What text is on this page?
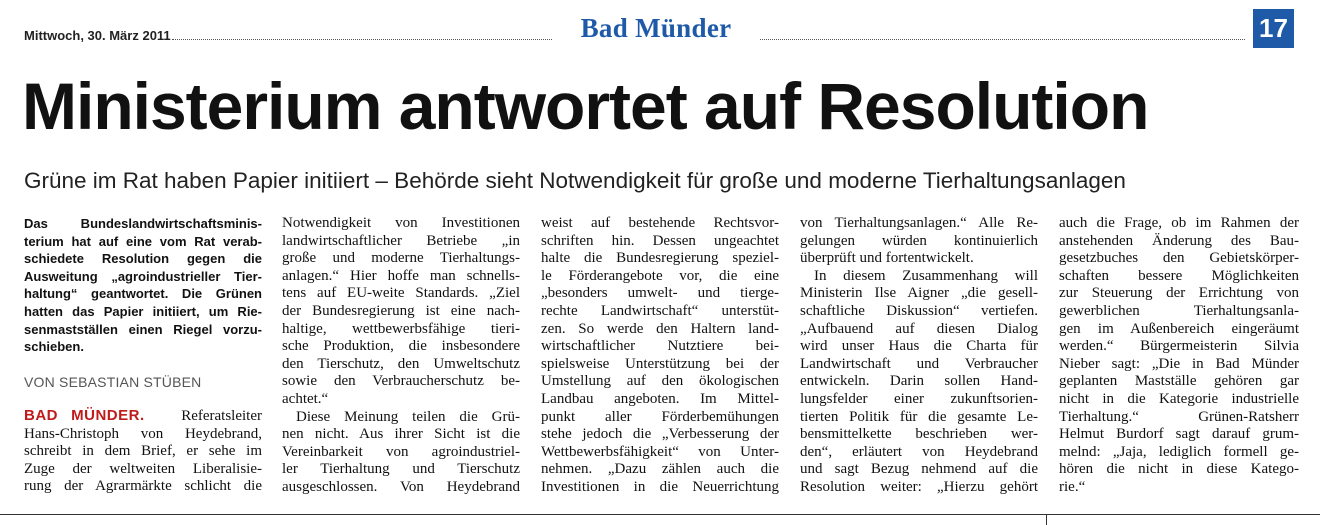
Mittwoch, 30. März 2011	Bad Münder	17
Ministerium antwortet auf Resolution
Grüne im Rat haben Papier initiiert – Behörde sieht Notwendigkeit für große und moderne Tierhaltungsanlagen
Das Bundeslandwirtschaftsminis-
terium hat auf eine vom Rat verab-
schiedete Resolution gegen die
Ausweitung „agroindustrieller Tier-
haltung“ geantwortet. Die Grünen
hatten das Papier initiiert, um Rie-
senmastställen einen Riegel vorzu-
schieben.
VON SEBASTIAN STÜBEN
BAD MÜNDER. Referatsleiter
Hans-Christoph von Heydebrand,
schreibt in dem Brief, er sehe im
Zuge der weltweiten Liberalisie-
rung der Agrarmärkte schlicht die
Notwendigkeit von Investitionen
landwirtschaftlicher Betriebe „in
große und moderne Tierhaltungs-
anlagen.“ Hier hoffe man schnells-
tens auf EU-weite Standards. „Ziel
der Bundesregierung ist eine nach-
haltige, wettbewerbsfähige tieri-
sche Produktion, die insbesondere
den Tierschutz, den Umweltschutz
sowie den Verbraucherschutz be-
achtet.“
Diese Meinung teilen die Grü-
nen nicht. Aus ihrer Sicht ist die
Vereinbarkeit von agroindustriel-
ler Tierhaltung und Tierschutz
ausgeschlossen. Von Heydebrand
weist auf bestehende Rechtsvor-
schriften hin. Dessen ungeachtet
halte die Bundesregierung speziel-
le Förderangebote vor, die eine
„besonders umwelt- und tierge-
rechte Landwirtschaft“ unterstüt-
zen. So werde den Haltern land-
wirtschaftlicher Nutztiere bei-
spielsweise Unterstützung bei der
Umstellung auf den ökologischen
Landbau angeboten. Im Mittel-
punkt aller Förderbemühungen
stehe jedoch die „Verbesserung der
Wettbewerbsfähigkeit“ von Unter-
nehmen. „Dazu zählen auch die
Investitionen in die Neuerrichtung
von Tierhaltungsanlagen.“ Alle Re-
gelungen würden kontinuierlich
überprüft und fortentwickelt.
In diesem Zusammenhang will
Ministerin Ilse Aigner „die gesell-
schaftliche Diskussion“ vertiefen.
„Aufbauend auf diesen Dialog
wird unser Haus die Charta für
Landwirtschaft und Verbraucher
entwickeln. Darin sollen Hand-
lungsfelder einer zukunftsorien-
tierten Politik für die gesamte Le-
bensmittelkette beschrieben wer-
den“, erläutert von Heydebrand
und sagt Bezug nehmend auf die
Resolution weiter: „Hierzu gehört
auch die Frage, ob im Rahmen der
anstehenden Änderung des Bau-
gesetzbuches den Gebietskörper-
schaften bessere Möglichkeiten
zur Steuerung der Errichtung von
gewerblichen Tierhaltungsanla-
gen im Außenbereich eingeräumt
werden.“ Bürgermeisterin Silvia
Nieber sagt: „Die in Bad Münder
geplanten Mastställe gehören gar
nicht in die Kategorie industrielle
Tierhaltung.“ Grünen-Ratsherr
Helmut Burdorf sagt darauf grum-
melnd: „Jaja, lediglich formell ge-
hören die nicht in diese Katego-
rie.“
